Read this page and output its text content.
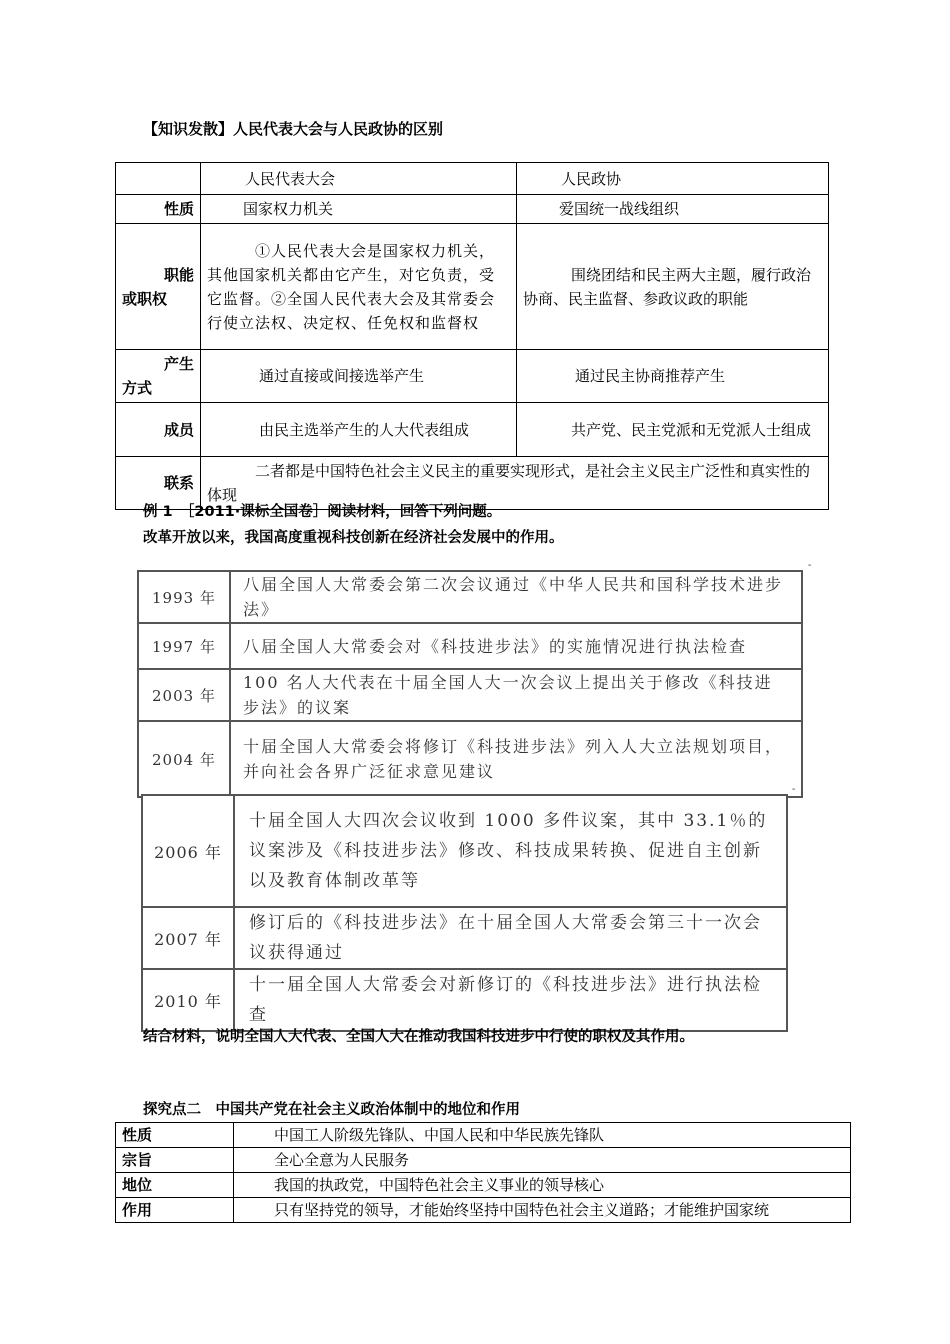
【知识发散】人民代表大会与人民政协的区别
	人民代表大会	人民政协
性质	国家权力机关	爱国统一战线组织

职能
或职权	①人民代表大会是国家权力机关，其他国家机关都由它产生，对它负责，受它监督。②全国人民代表大会及其常委会行使立法权、决定权、任免权和监督权	围绕团结和民主两大主题，履行政治协商、民主监督、参政议政的职能

产生
方式	通过直接或间接选举产生	通过民主协商推荐产生
成员	由民主选举产生的人大代表组成	共产党、民主党派和无党派人士组成
联系	二者都是中国特色社会主义民主的重要实现形式，是社会主义民主广泛性和真实性的体现	
例 1　［2011·课标全国卷］阅读材料，回答下列问题。
改革开放以来，我国高度重视科技创新在经济社会发展中的作用。
1993 年	八届全国人大常委会第二次会议通过《中华人民共和国科学技术进步法》
1997 年	八届全国人大常委会对《科技进步法》的实施情况进行执法检查
2003 年	100 名人大代表在十届全国人大一次会议上提出关于修改《科技进步法》的议案
2004 年	十届全国人大常委会将修订《科技进步法》列入人大立法规划项目，并向社会各界广泛征求意见建议
-
2006 年	十届全国人大四次会议收到 1000 多件议案，其中 33.1％的议案涉及《科技进步法》修改、科技成果转换、促进自主创新以及教育体制改革等
2007 年	修订后的《科技进步法》在十届全国人大常委会第三十一次会议获得通过
2010 年	十一届全国人大常委会对新修订的《科技进步法》进行执法检查
-
结合材料，说明全国人大代表、全国人大在推动我国科技进步中行使的职权及其作用。
探究点二　中国共产党在社会主义政治体制中的地位和作用
性质	中国工人阶级先锋队、中国人民和中华民族先锋队
宗旨	全心全意为人民服务
地位	我国的执政党，中国特色社会主义事业的领导核心
作用	只有坚持党的领导，才能始终坚持中国特色社会主义道路；才能维护国家统
